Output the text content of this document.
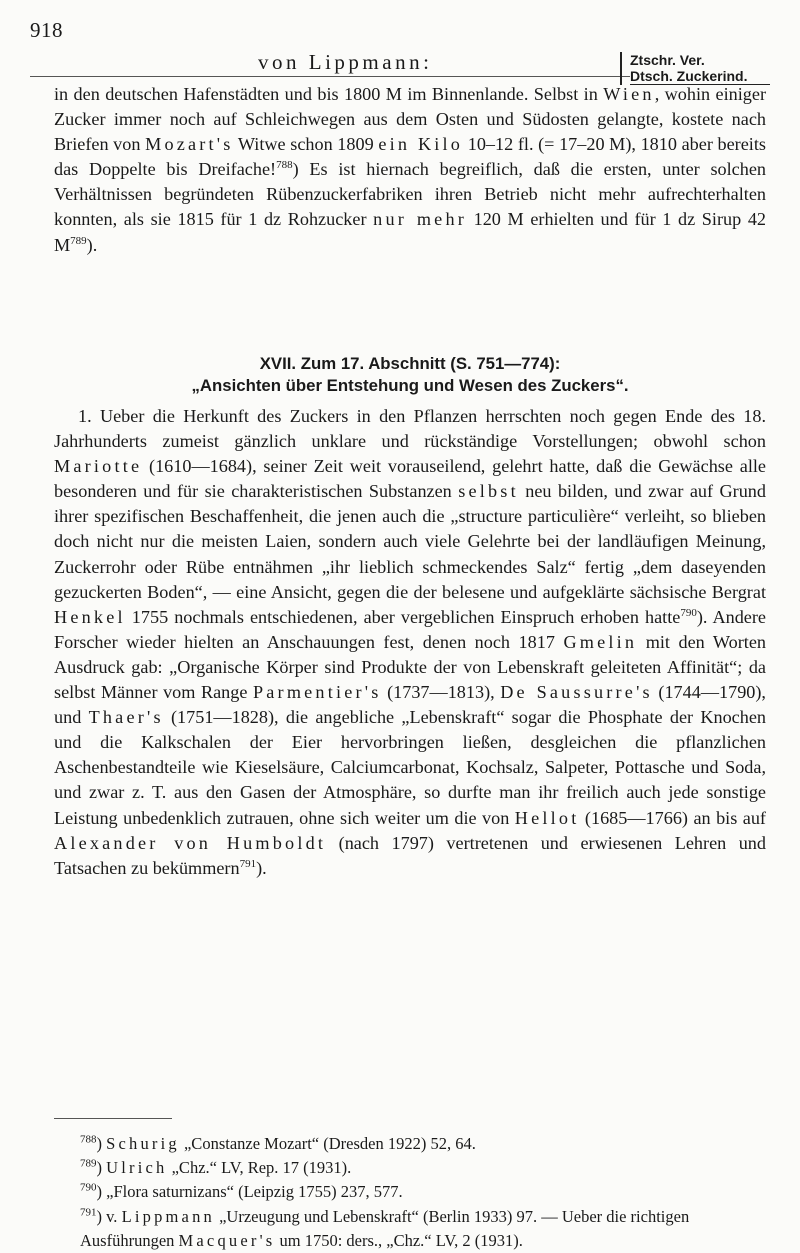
918
von Lippmann:	Ztschr. Ver.
Dtsch. Zuckerind.

in den deutschen Hafenstädten und bis 1800 M im Binnenlande. Selbst in Wien, wohin einiger Zucker immer noch auf Schleichwegen aus dem Osten und Südosten gelangte, kostete nach Briefen von Mozart's Witwe schon 1809 ein Kilo 10–12 fl. (= 17–20 M), 1810 aber bereits das Doppelte bis Dreifache!$^{788}$) Es ist hiernach begreiflich, daß die ersten, unter solchen Verhältnissen begründeten Rübenzuckerfabriken ihren Betrieb nicht mehr aufrechterhalten konnten, als sie 1815 für 1 dz Rohzucker nur mehr 120 M erhielten und für 1 dz Sirup 42 $M^{789}$).

XVII. Zum 17. Abschnitt (S. 751—774):
„Ansichten über Entstehung und Wesen des Zuckers“.

1. Ueber die Herkunft des Zuckers in den Pflanzen herrschten noch gegen Ende des 18. Jahrhunderts zumeist gänzlich unklare und rückständige Vorstellungen; obwohl schon Mariotte (1610—1684), seiner Zeit weit vorauseilend, gelehrt hatte, daß die Gewächse alle besonderen und für sie charakteristischen Substanzen selbst neu bilden, und zwar auf Grund ihrer spezifischen Beschaffenheit, die jenen auch die „structure particulière“ verleiht, so blieben doch nicht nur die meisten Laien, sondern auch viele Gelehrte bei der landläufigen Meinung, Zuckerrohr oder Rübe entnähmen „ihr lieblich schmeckendes Salz“ fertig „dem daseyenden gezuckerten Boden“, — eine Ansicht, gegen die der belesene und aufgeklärte sächsische Bergrat Henkel 1755 nochmals entschiedenen, aber vergeblichen Einspruch erhoben hatte$^{790}$). Andere Forscher wieder hielten an Anschauungen fest, denen noch 1817 Gmelin mit den Worten Ausdruck gab: „Organische Körper sind Produkte der von Lebenskraft geleiteten Affinität“; da selbst Männer vom Range Parmentier's (1737—1813), De Saussurre's (1744—1790), und Thaer's (1751—1828), die angebliche „Lebenskraft“ sogar die Phosphate der Knochen und die Kalkschalen der Eier hervorbringen ließen, desgleichen die pflanzlichen Aschenbestandteile wie Kieselsäure, Calciumcarbonat, Kochsalz, Salpeter, Pottasche und Soda, und zwar z. T. aus den Gasen der Atmosphäre, so durfte man ihr freilich auch jede sonstige Leistung unbedenklich zutrauen, ohne sich weiter um die von Hellot (1685—1766) an bis auf Alexander von Humboldt (nach 1797) vertretenen und erwiesenen Lehren und Tatsachen zu bekümmern$^{791}$).

$^{788}$) Schurig „Constanze Mozart“ (Dresden 1922) 52, 64.

$^{789}$) Ulrich „Chz.“ LV, Rep. 17 (1931).

$^{790}$) „Flora saturnizans“ (Leipzig 1755) 237, 577.

$^{791}$) v. Lippmann „Urzeugung und Lebenskraft“ (Berlin 1933) 97. — Ueber die richtigen Ausführungen Macquer's um 1750: ders., „Chz.“ LV, 2 (1931).
